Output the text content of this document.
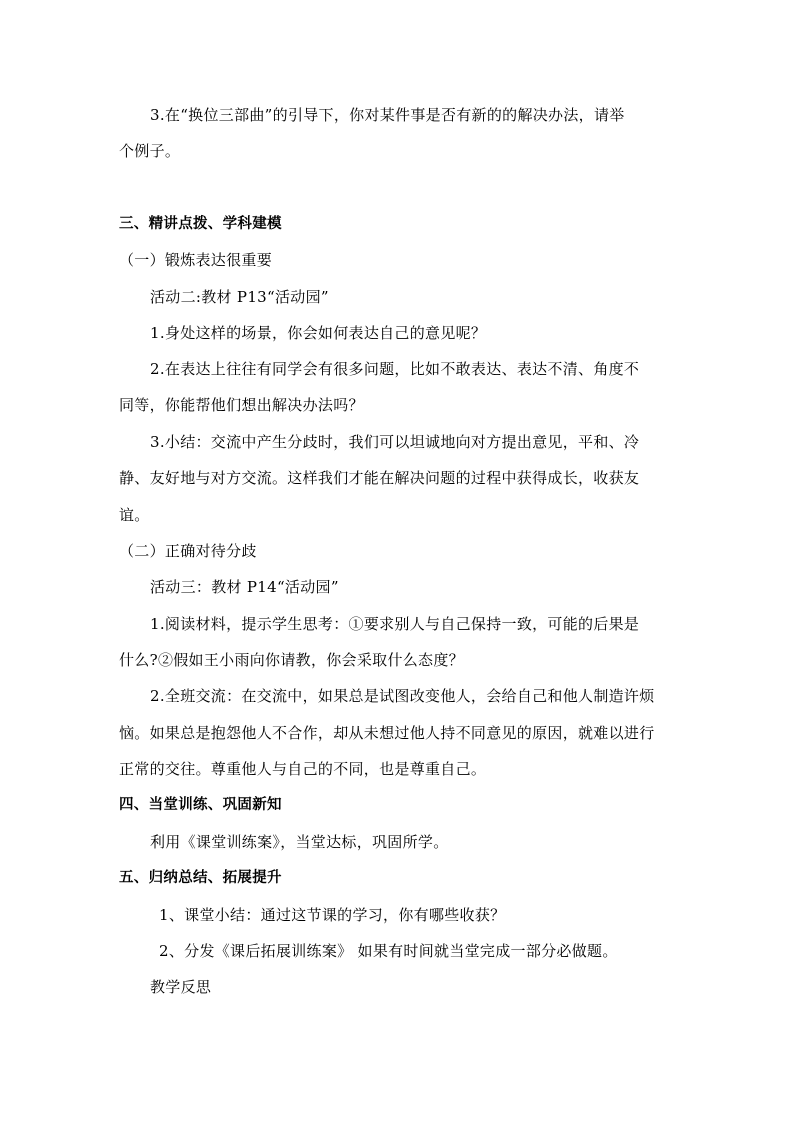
3.在“换位三部曲”的引导下，你对某件事是否有新的的解决办法，请举
个例子。
三、精讲点拨、学科建模
（一）锻炼表达很重要
活动二:教材 P13“活动园”
1.身处这样的场景，你会如何表达自己的意见呢？
2.在表达上往往有同学会有很多问题，比如不敢表达、表达不清、角度不
同等，你能帮他们想出解决办法吗？
3.小结：交流中产生分歧时，我们可以坦诚地向对方提出意见，平和、冷
静、友好地与对方交流。这样我们才能在解决问题的过程中获得成长，收获友
谊。
（二）正确对待分歧
活动三：教材 P14“活动园”
1.阅读材料，提示学生思考：①要求别人与自己保持一致，可能的后果是
什么?②假如王小雨向你请教，你会采取什么态度？
2.全班交流：在交流中，如果总是试图改变他人，会给自己和他人制造许烦
恼。如果总是抱怨他人不合作，却从未想过他人持不同意见的原因，就难以进行
正常的交往。尊重他人与自己的不同，也是尊重自己。
四、当堂训练、巩固新知
利用《课堂训练案》，当堂达标，巩固所学。
五、归纳总结、拓展提升
1、课堂小结：通过这节课的学习，你有哪些收获？
2、分发《课后拓展训练案》 如果有时间就当堂完成一部分必做题。
教学反思
